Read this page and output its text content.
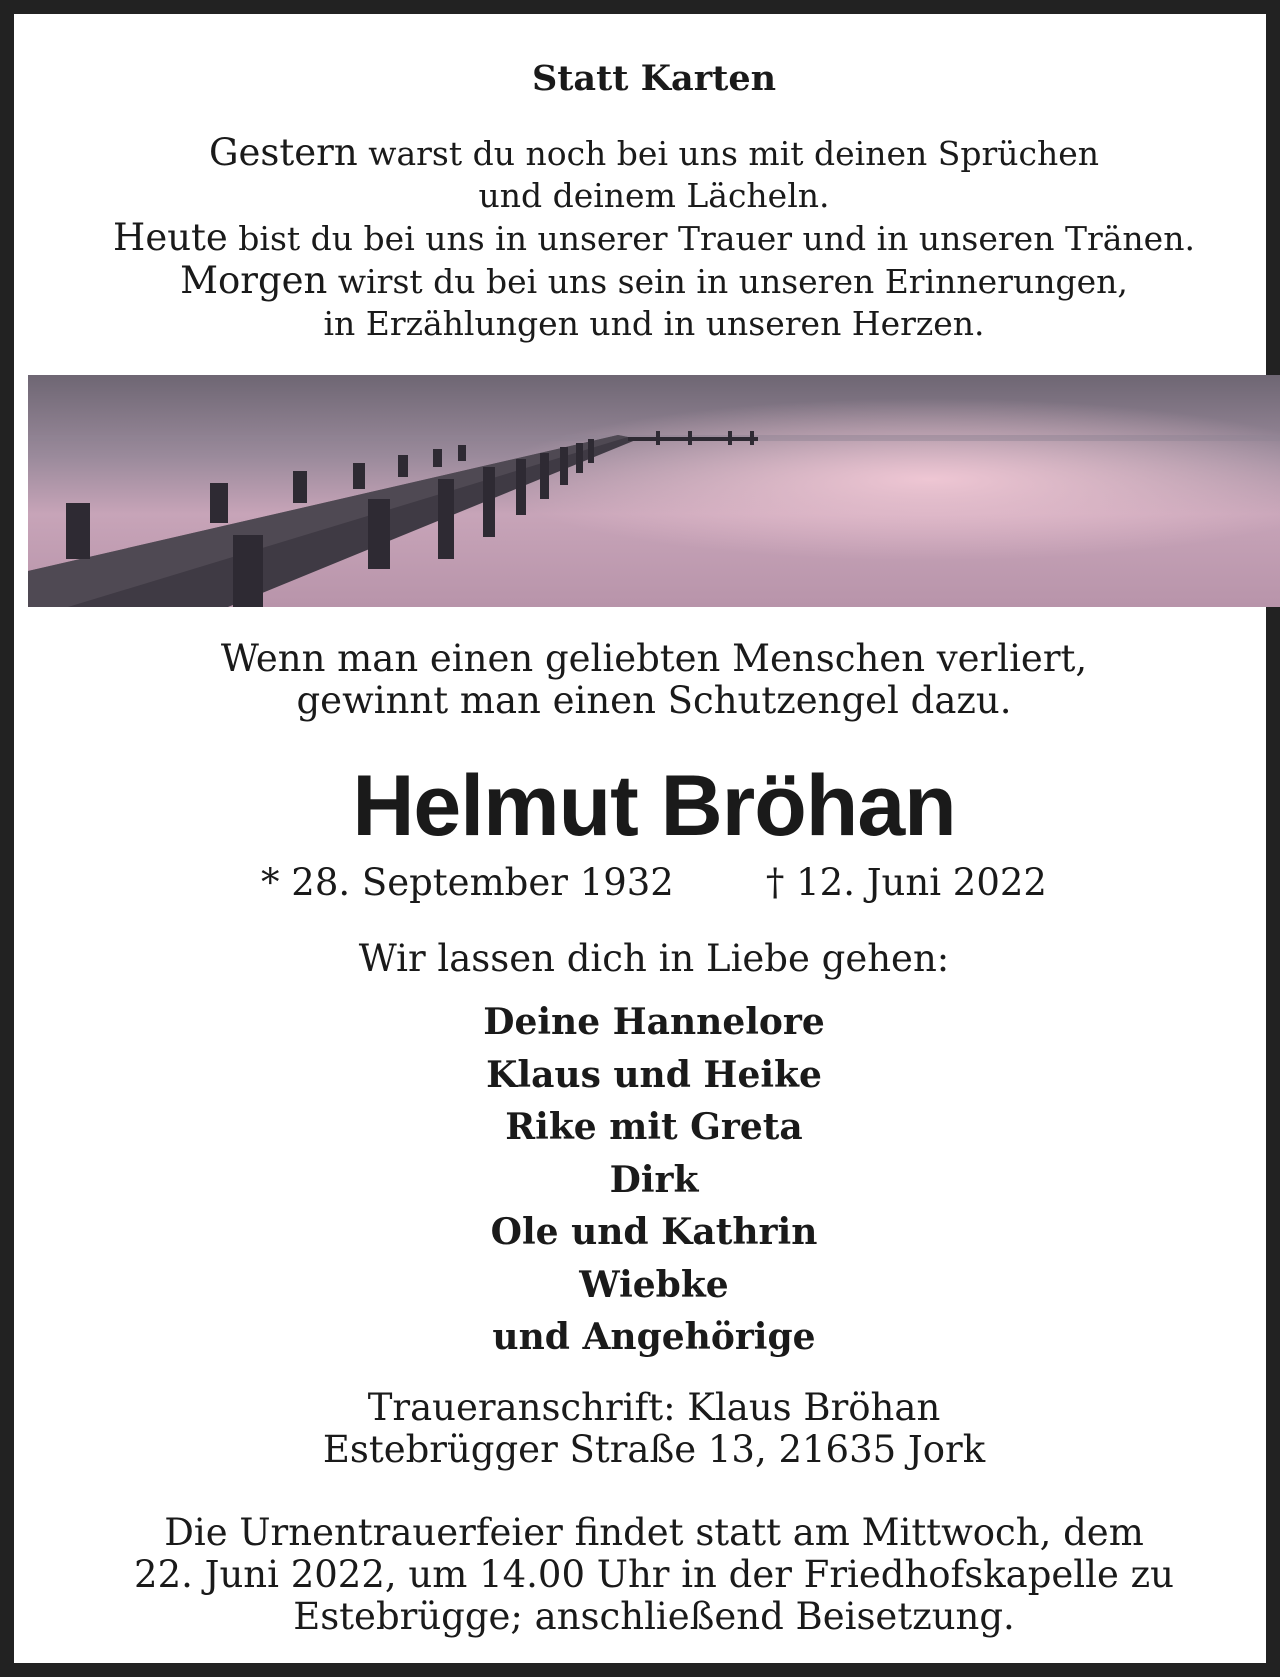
Statt Karten
Gestern warst du noch bei uns mit deinen Sprüchen
und deinem Lächeln.
Heute bist du bei uns in unserer Trauer und in unseren Tränen.
Morgen wirst du bei uns sein in unseren Erinnerungen,
in Erzählungen und in unseren Herzen.
Wenn man einen geliebten Menschen verliert,
gewinnt man einen Schutzengel dazu.
Helmut Bröhan
* 28. September 1932 † 12. Juni 2022
Wir lassen dich in Liebe gehen:
Deine Hannelore
Klaus und Heike
Rike mit Greta
Dirk
Ole und Kathrin
Wiebke
und Angehörige
Traueranschrift: Klaus Bröhan
Estebrügger Straße 13, 21635 Jork
Die Urnentrauerfeier findet statt am Mittwoch, dem
22. Juni 2022, um 14.00 Uhr in der Friedhofskapelle zu
Estebrügge; anschließend Beisetzung.
